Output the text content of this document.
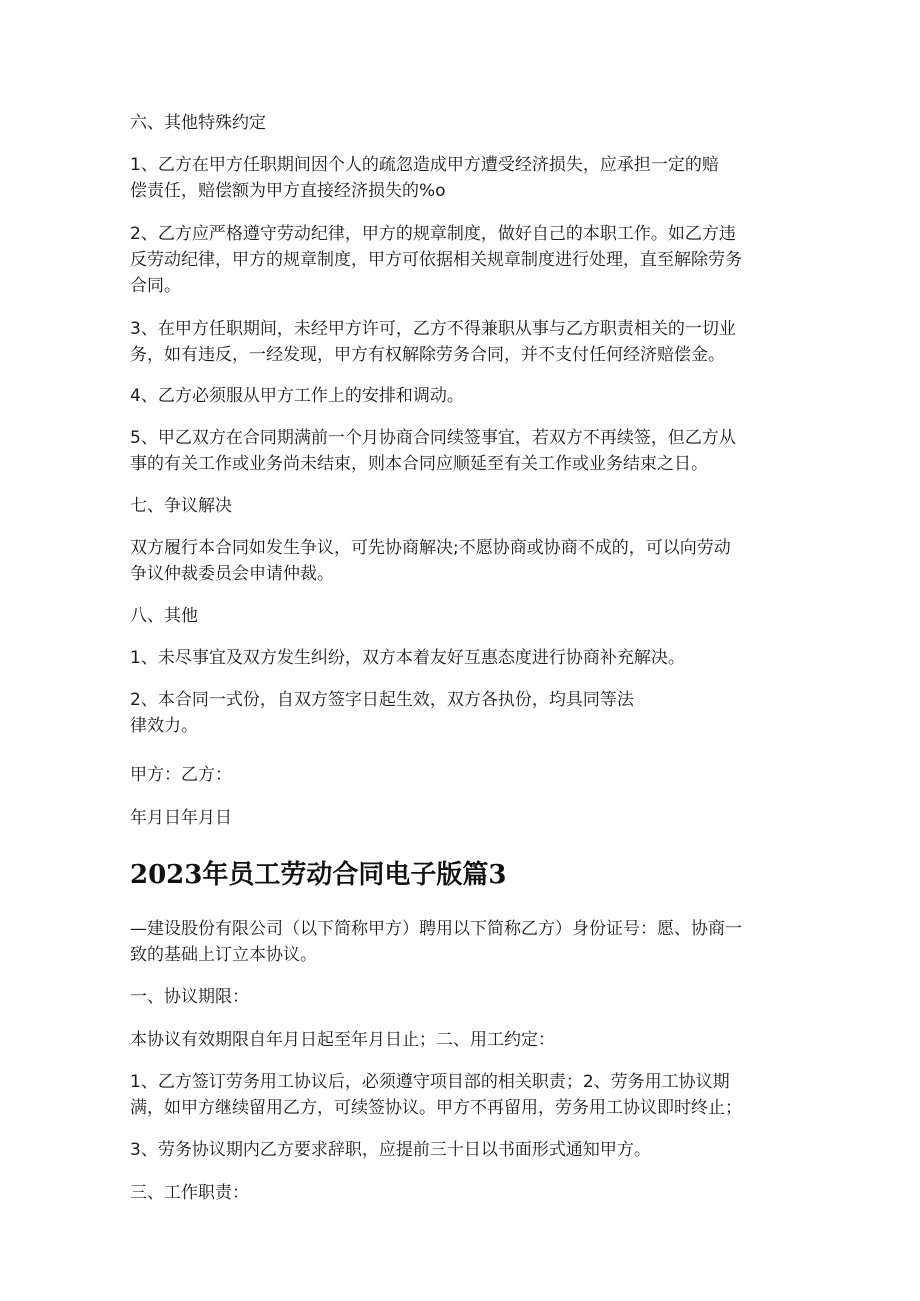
六、其他特殊约定

1、乙方在甲方任职期间因个人的疏忽造成甲方遭受经济损失，应承担一定的赔
偿责任，赔偿额为甲方直接经济损失的%o

2、乙方应严格遵守劳动纪律，甲方的规章制度，做好自己的本职工作。如乙方违
反劳动纪律，甲方的规章制度，甲方可依据相关规章制度进行处理，直至解除劳务
合同。

3、在甲方任职期间，未经甲方许可，乙方不得兼职从事与乙方职责相关的一切业
务，如有违反，一经发现，甲方有权解除劳务合同，并不支付任何经济赔偿金。

4、乙方必须服从甲方工作上的安排和调动。

5、甲乙双方在合同期满前一个月协商合同续签事宜，若双方不再续签，但乙方从
事的有关工作或业务尚未结束，则本合同应顺延至有关工作或业务结束之日。

七、争议解决

双方履行本合同如发生争议，可先协商解决;不愿协商或协商不成的，可以向劳动
争议仲裁委员会申请仲裁。

八、其他

1、未尽事宜及双方发生纠纷，双方本着友好互惠态度进行协商补充解决。

2、本合同一式份，自双方签字日起生效，双方各执份，均具同等法
律效力。

甲方：乙方：

年月日年月日

2023年员工劳动合同电子版篇3

—建设股份有限公司（以下简称甲方）聘用以下简称乙方）身份证号：愿、协商一
致的基础上订立本协议。

一、协议期限：

本协议有效期限自年月日起至年月日止；二、用工约定：

1、乙方签订劳务用工协议后，必须遵守项目部的相关职责；2、劳务用工协议期
满，如甲方继续留用乙方，可续签协议。甲方不再留用，劳务用工协议即时终止；

3、劳务协议期内乙方要求辞职，应提前三十日以书面形式通知甲方。

三、工作职责：
